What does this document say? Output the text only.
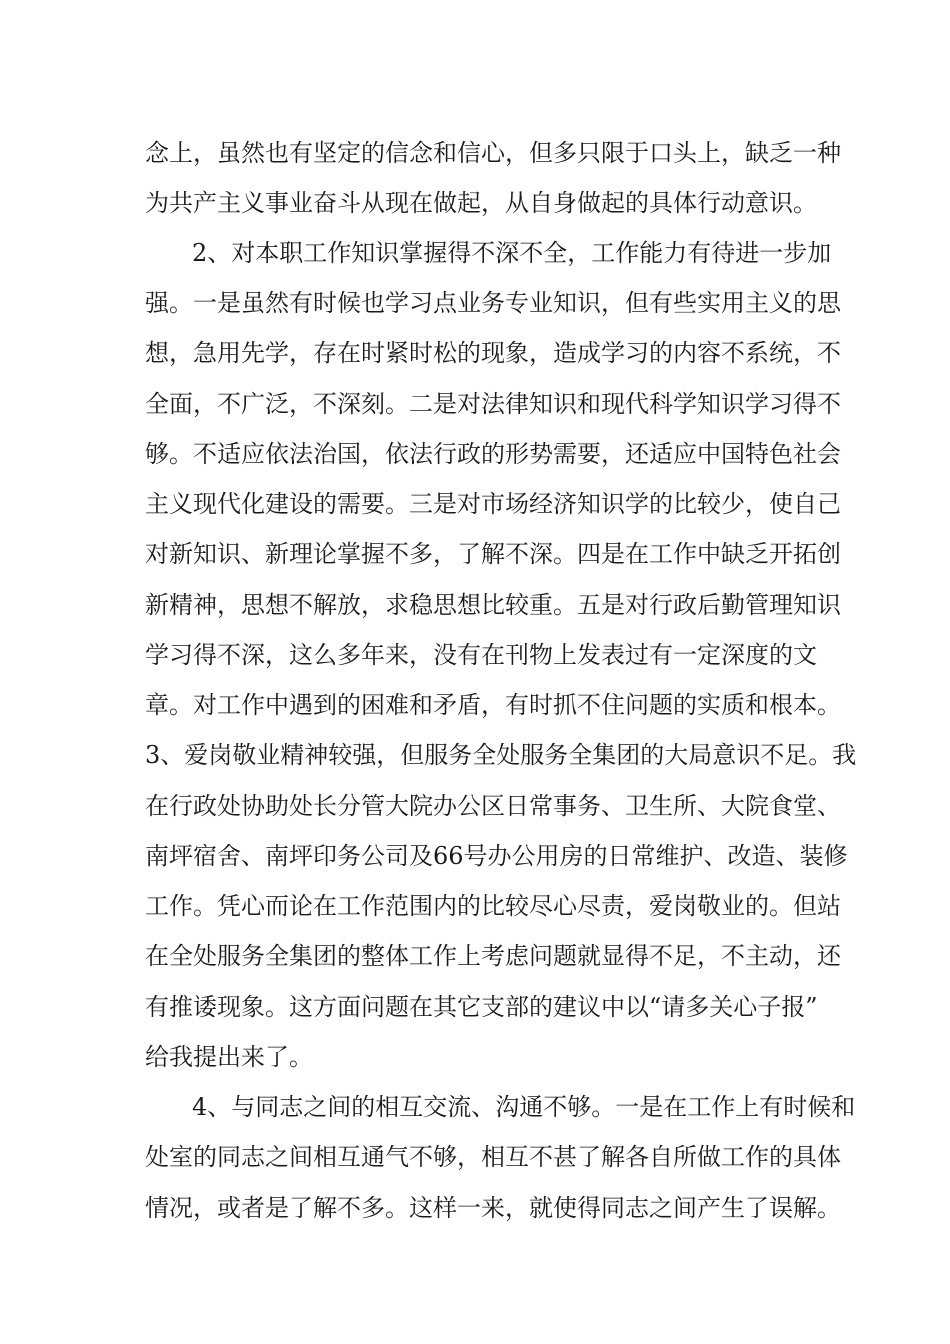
念上，虽然也有坚定的信念和信心，但多只限于口头上，缺乏一种
为共产主义事业奋斗从现在做起，从自身做起的具体行动意识。
2、对本职工作知识掌握得不深不全，工作能力有待进一步加
强。一是虽然有时候也学习点业务专业知识，但有些实用主义的思
想，急用先学，存在时紧时松的现象，造成学习的内容不系统，不
全面，不广泛，不深刻。二是对法律知识和现代科学知识学习得不
够。不适应依法治国，依法行政的形势需要，还适应中国特色社会
主义现代化建设的需要。三是对市场经济知识学的比较少，使自己
对新知识、新理论掌握不多，了解不深。四是在工作中缺乏开拓创
新精神，思想不解放，求稳思想比较重。五是对行政后勤管理知识
学习得不深，这么多年来，没有在刊物上发表过有一定深度的文
章。对工作中遇到的困难和矛盾，有时抓不住问题的实质和根本。
3、爱岗敬业精神较强，但服务全处服务全集团的大局意识不足。我
在行政处协助处长分管大院办公区日常事务、卫生所、大院食堂、
南坪宿舍、南坪印务公司及66号办公用房的日常维护、改造、装修
工作。凭心而论在工作范围内的比较尽心尽责，爱岗敬业的。但站
在全处服务全集团的整体工作上考虑问题就显得不足，不主动，还
有推诿现象。这方面问题在其它支部的建议中以“请多关心子报”
给我提出来了。
4、与同志之间的相互交流、沟通不够。一是在工作上有时候和
处室的同志之间相互通气不够，相互不甚了解各自所做工作的具体
情况，或者是了解不多。这样一来，就使得同志之间产生了误解。
